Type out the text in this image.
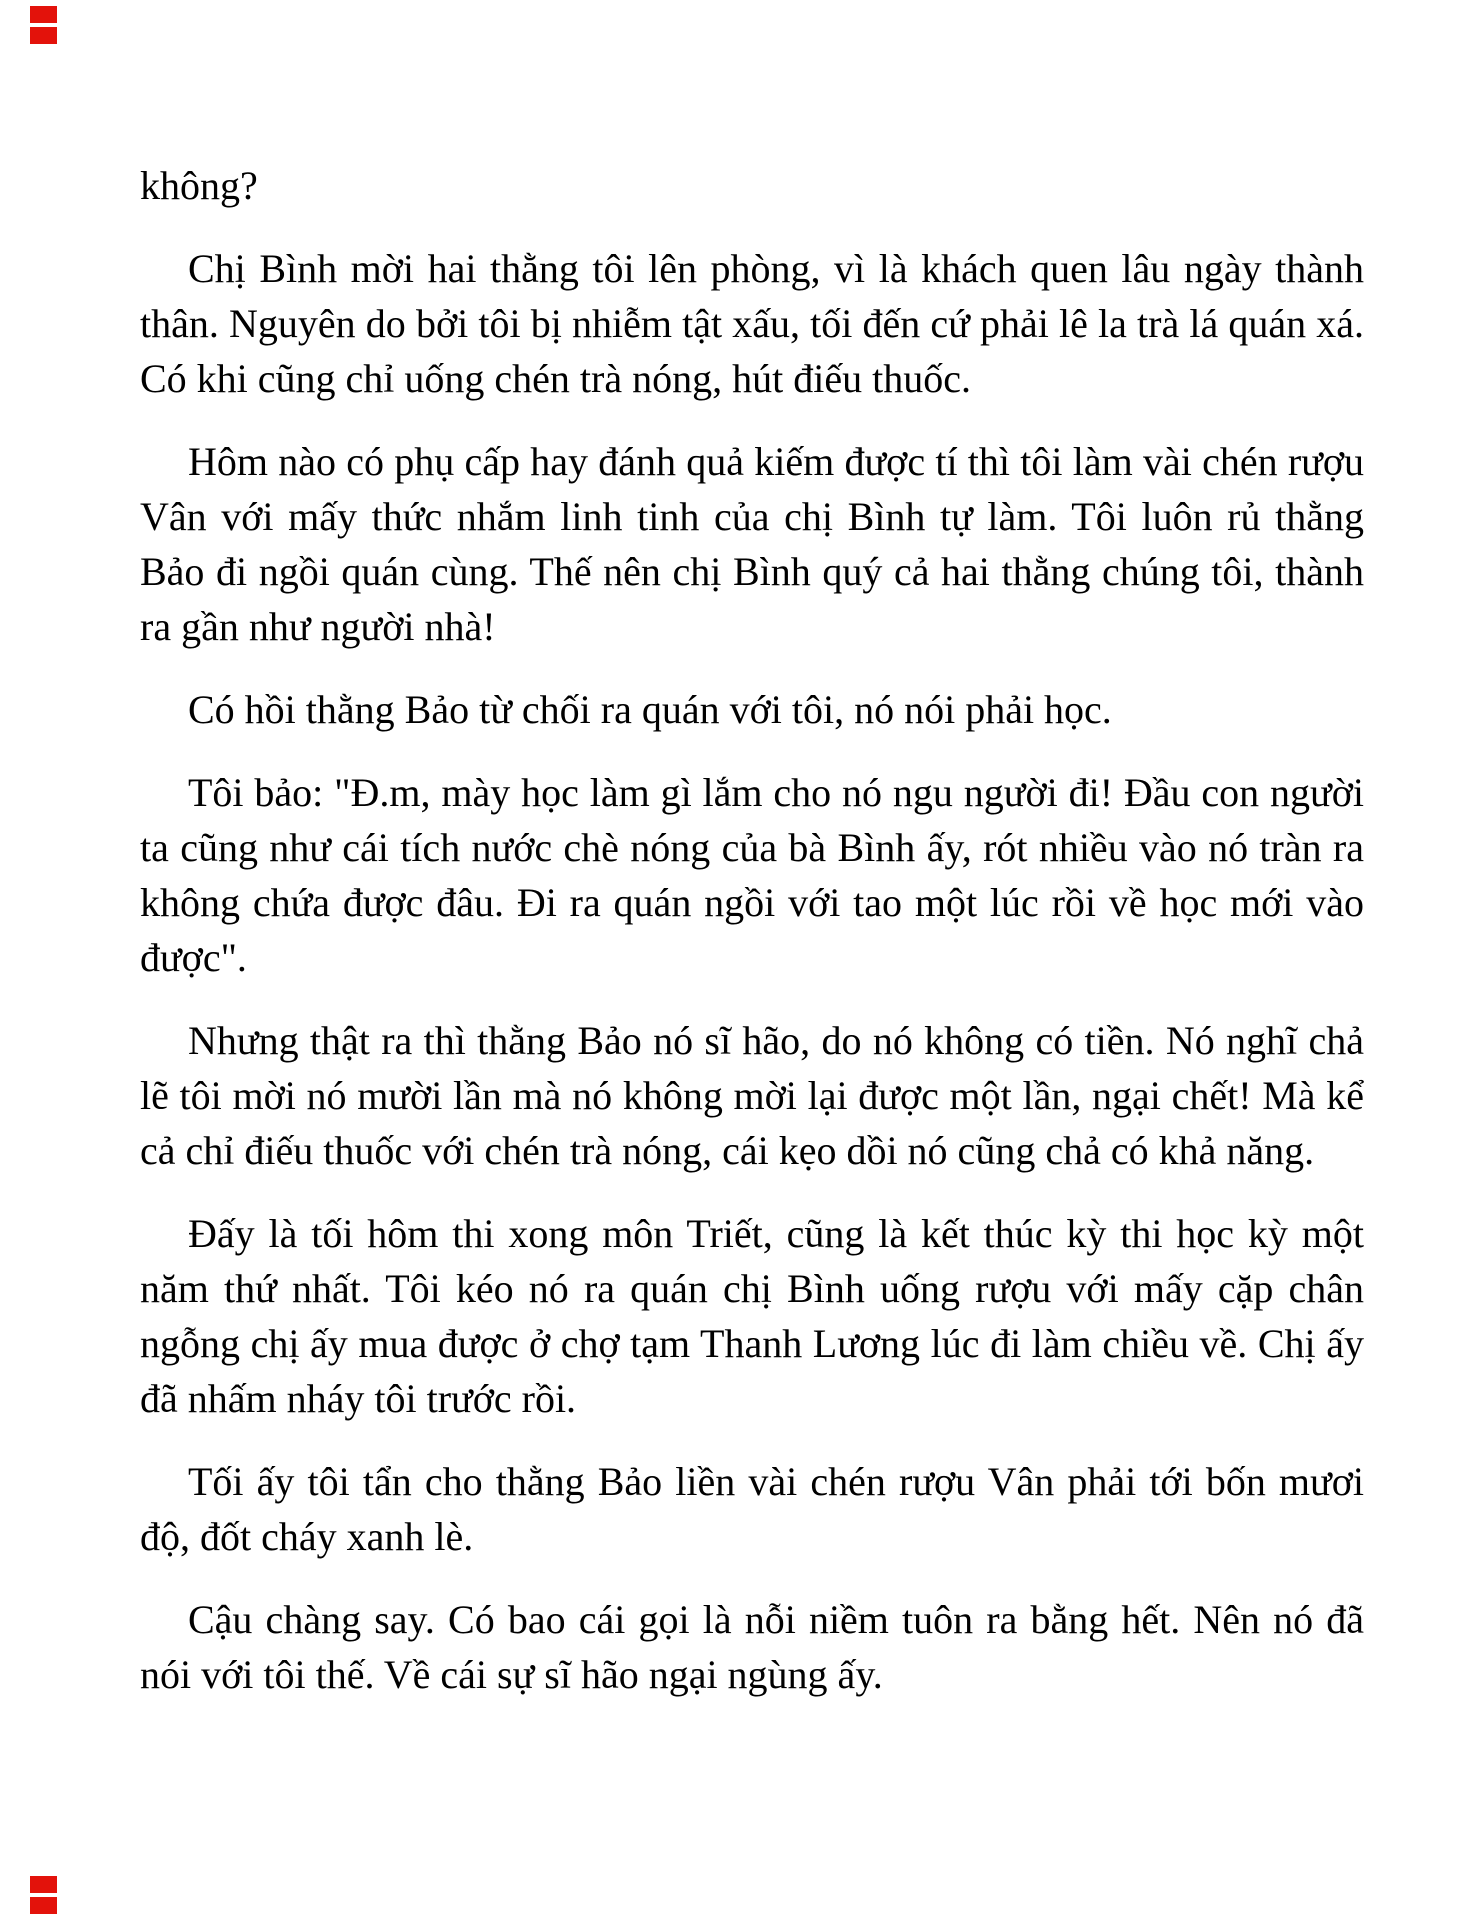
không?

Chị Bình mời hai thằng tôi lên phòng, vì là khách quen lâu ngày thành thân. Nguyên do bởi tôi bị nhiễm tật xấu, tối đến cứ phải lê la trà lá quán xá. Có khi cũng chỉ uống chén trà nóng, hút điếu thuốc.

Hôm nào có phụ cấp hay đánh quả kiếm được tí thì tôi làm vài chén rượu Vân với mấy thức nhắm linh tinh của chị Bình tự làm. Tôi luôn rủ thằng Bảo đi ngồi quán cùng. Thế nên chị Bình quý cả hai thằng chúng tôi, thành ra gần như người nhà!

Có hồi thằng Bảo từ chối ra quán với tôi, nó nói phải học.

Tôi bảo: "Đ.m, mày học làm gì lắm cho nó ngu người đi! Đầu con người ta cũng như cái tích nước chè nóng của bà Bình ấy, rót nhiều vào nó tràn ra không chứa được đâu. Đi ra quán ngồi với tao một lúc rồi về học mới vào được".

Nhưng thật ra thì thằng Bảo nó sĩ hão, do nó không có tiền. Nó nghĩ chả lẽ tôi mời nó mười lần mà nó không mời lại được một lần, ngại chết! Mà kể cả chỉ điếu thuốc với chén trà nóng, cái kẹo dồi nó cũng chả có khả năng.

Đấy là tối hôm thi xong môn Triết, cũng là kết thúc kỳ thi học kỳ một năm thứ nhất. Tôi kéo nó ra quán chị Bình uống rượu với mấy cặp chân ngỗng chị ấy mua được ở chợ tạm Thanh Lương lúc đi làm chiều về. Chị ấy đã nhấm nháy tôi trước rồi.

Tối ấy tôi tẩn cho thằng Bảo liền vài chén rượu Vân phải tới bốn mươi độ, đốt cháy xanh lè.

Cậu chàng say. Có bao cái gọi là nỗi niềm tuôn ra bằng hết. Nên nó đã nói với tôi thế. Về cái sự sĩ hão ngại ngùng ấy.
